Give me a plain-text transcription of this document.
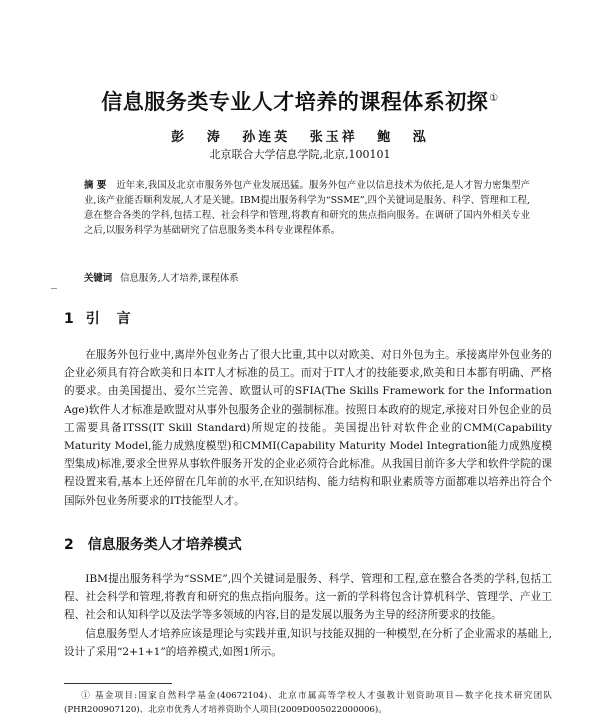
信息服务类专业人才培养的课程体系初探①
彭 涛 孙连英 张玉祥 鲍 泓
北京联合大学信息学院,北京,100101
摘 要 近年来,我国及北京市服务外包产业发展迅猛。服务外包产业以信息技术为依托,是人才智力密集型产业,该产业能否顺利发展,人才是关键。IBM提出服务科学为“SSME”,四个关键词是服务、科学、管理和工程,意在整合各类的学科,包括工程、社会科学和管理,将教育和研究的焦点指向服务。在调研了国内外相关专业之后,以服务科学为基础研究了信息服务类本科专业课程体系。
关键词 信息服务,人才培养,课程体系
1 引 言

在服务外包行业中,离岸外包业务占了很大比重,其中以对欧美、对日外包为主。承接离岸外包业务的企业必须具有符合欧美和日本IT人才标准的员工。而对于IT人才的技能要求,欧美和日本都有明确、严格的要求。由美国提出、爱尔兰完善、欧盟认可的SFIA(The Skills Framework for the Information Age)软件人才标准是欧盟对从事外包服务企业的强制标准。按照日本政府的规定,承接对日外包企业的员工需要具备ITSS(IT Skill Standard)所规定的技能。美国提出针对软件企业的CMM(Capability Maturity Model,能力成熟度模型)和CMMI(Capability Maturity Model Integration能力成熟度模型集成)标准,要求全世界从事软件服务开发的企业必须符合此标准。从我国目前许多大学和软件学院的课程设置来看,基本上还停留在几年前的水平,在知识结构、能力结构和职业素质等方面都难以培养出符合个国际外包业务所要求的IT技能型人才。

2 信息服务类人才培养模式

IBM提出服务科学为“SSME”,四个关键词是服务、科学、管理和工程,意在整合各类的学科,包括工程、社会科学和管理,将教育和研究的焦点指向服务。这一新的学科将包含计算机科学、管理学、产业工程、社会和认知科学以及法学等多领域的内容,目的是发展以服务为主导的经济所要求的技能。

信息服务型人才培养应该是理论与实践并重,知识与技能双拥的一种模型,在分析了企业需求的基础上,设计了采用“2+1+1”的培养模式,如图1所示。

① 基金项目:国家自然科学基金(40672104)、北京市属高等学校人才强教计划资助项目—数字化技术研究团队(PHR200907120)、北京市优秀人才培养资助个人项目(2009D005022000006)。
